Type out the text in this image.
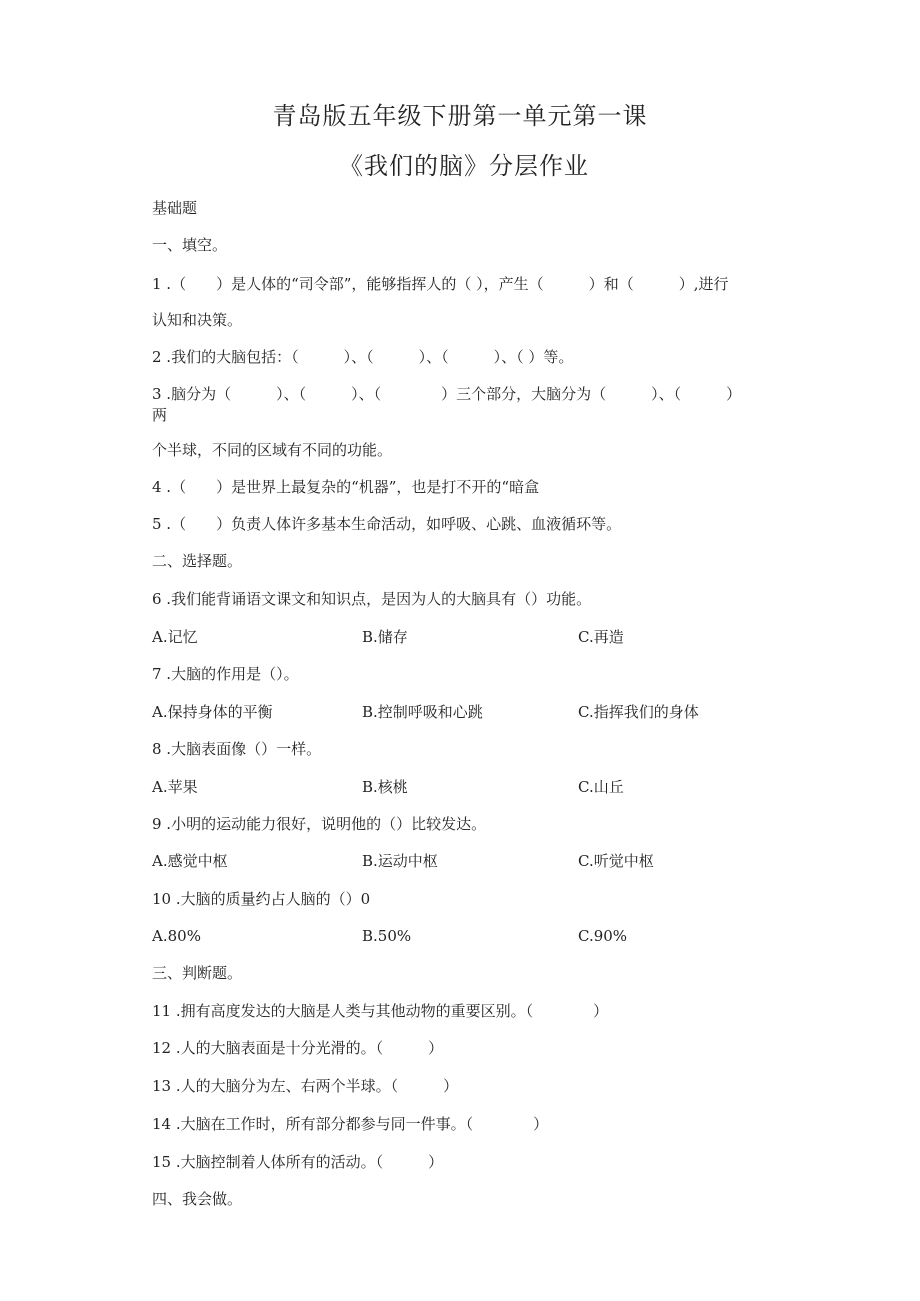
青岛版五年级下册第一单元第一课
《我们的脑》分层作业
基础题
一、填空。
1 .（　　）是人体的“司令部”，能够指挥人的（ ），产生（　　　）和（　　　）,进行
认知和决策。
2 .我们的大脑包括：（　　　）、（　　　）、（　　　）、（ ）等。
3 .脑分为（　　　）、（　　　）、（　　　　）三个部分，大脑分为（　　　）、（　　　）
两
个半球，不同的区域有不同的功能。
4 .（　　）是世界上最复杂的“机器”，也是打不开的“暗盒
5 .（　　）负责人体许多基本生命活动，如呼吸、心跳、血液循环等。
二、选择题。
6 .我们能背诵语文课文和知识点，是因为人的大脑具有（）功能。
A.记忆	B.储存	C.再造
7 .大脑的作用是（）。
A.保持身体的平衡	B.控制呼吸和心跳	C.指挥我们的身体
8 .大脑表面像（）一样。
A.苹果	B.核桃	C.山丘
9 .小明的运动能力很好，说明他的（）比较发达。
A.感觉中枢	B.运动中枢	C.听觉中枢
10 .大脑的质量约占人脑的（）0
A.80%	B.50%	C.90%
三、判断题。
11 .拥有高度发达的大脑是人类与其他动物的重要区别。（　　　　）
12 .人的大脑表面是十分光滑的。（　　　）
13 .人的大脑分为左、右两个半球。（　　　）
14 .大脑在工作时，所有部分都参与同一件事。（　　　　）
15 .大脑控制着人体所有的活动。（　　　）
四、我会做。
